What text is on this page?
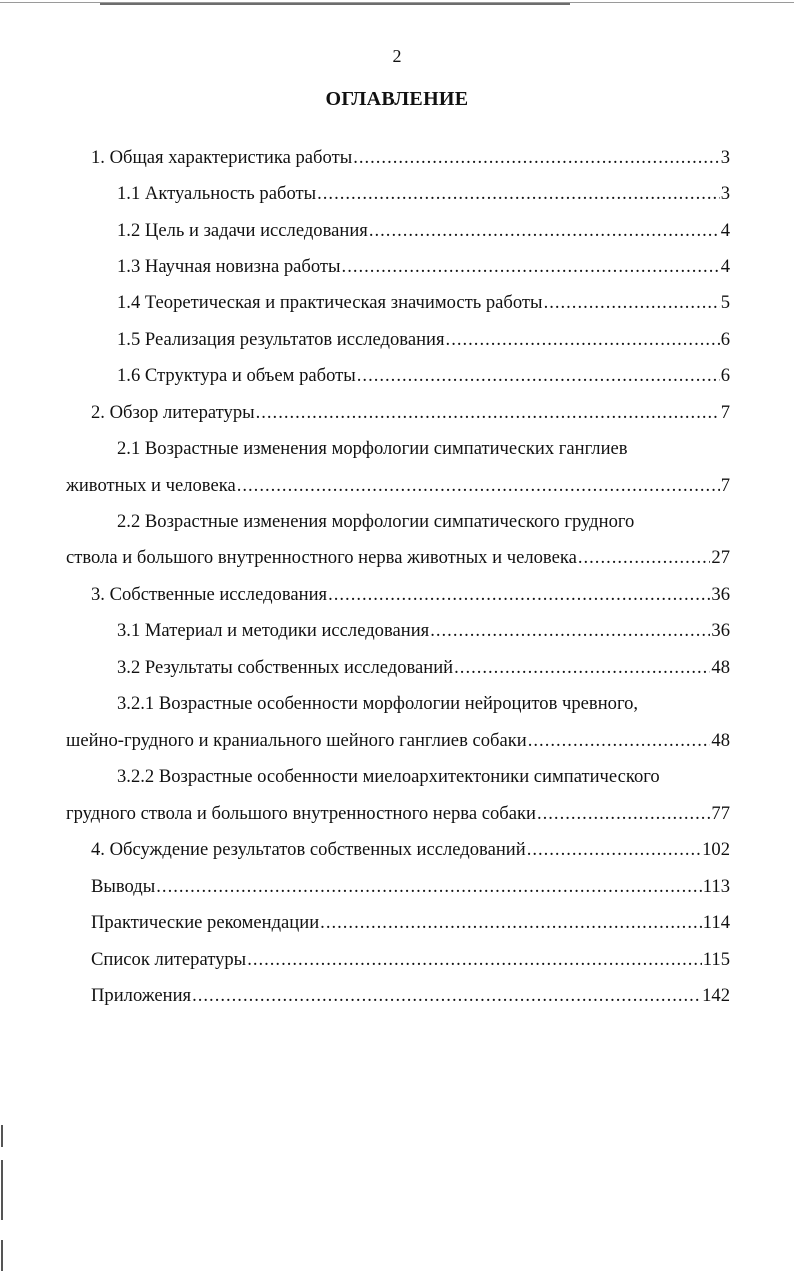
2
ОГЛАВЛЕНИЕ
1. Общая характеристика работы .....	3
1.1 Актуальность работы .....	3
1.2 Цель и задачи исследования .....	4
1.3 Научная новизна работы .....	4
1.4 Теоретическая и практическая значимость работы .....	5
1.5 Реализация результатов исследования .....	6
1.6 Структура и объем работы .....	6
2. Обзор литературы .....	7
2.1 Возрастные изменения морфологии симпатических ганглиев
животных и человека .....	7
2.2 Возрастные изменения морфологии симпатического грудного
ствола и большого внутренностного нерва животных и человека .....	27
3. Собственные исследования .....	36
3.1 Материал и методики исследования .....	36
3.2 Результаты собственных исследований .....	48
3.2.1 Возрастные особенности морфологии нейроцитов чревного,
шейно-грудного и краниального шейного ганглиев собаки .....	48
3.2.2 Возрастные особенности миелоархитектоники симпатического
грудного ствола и большого внутренностного нерва собаки .....	77
4. Обсуждение результатов собственных исследований .....	102
Выводы .....	113
Практические рекомендации .....	114
Список литературы .....	115
Приложения .....	142
